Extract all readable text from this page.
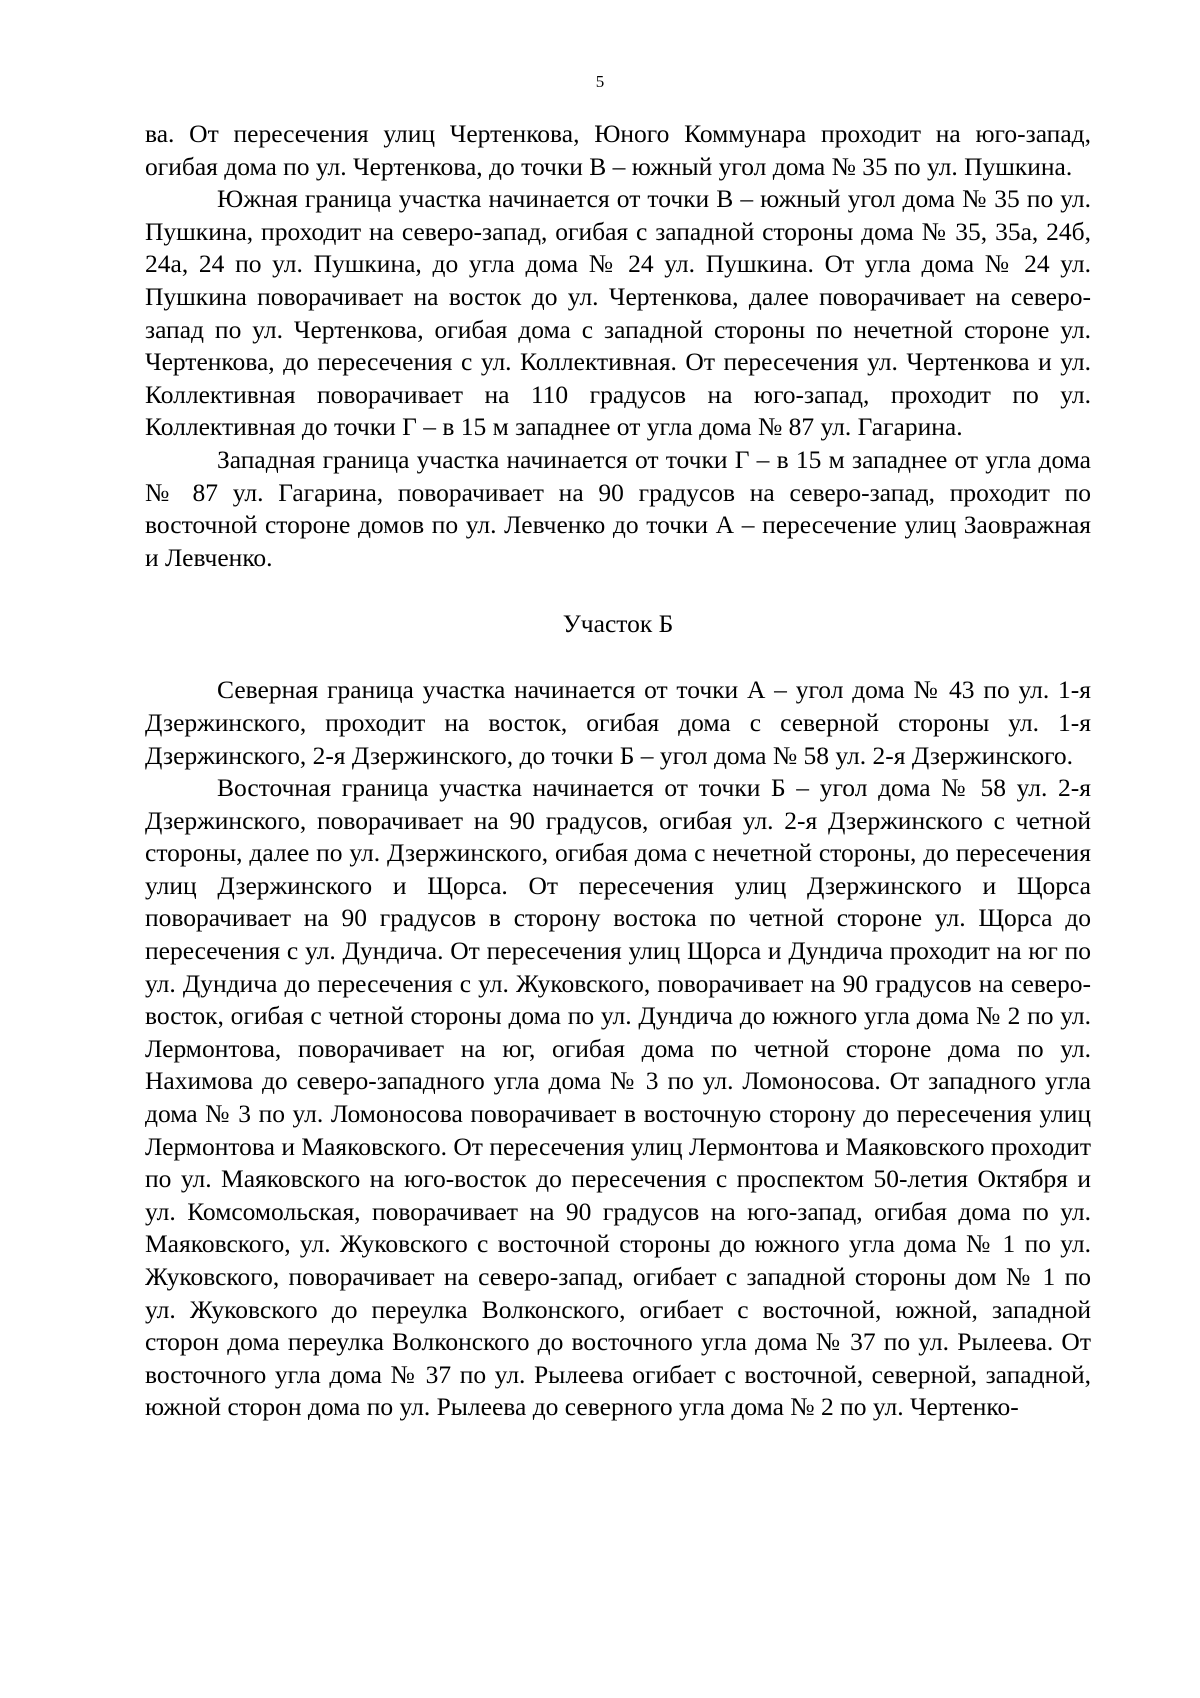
5

ва. От пересечения улиц Чертенкова, Юного Коммунара проходит на юго-запад, огибая дома по ул. Чертенкова, до точки В – южный угол дома № 35 по ул. Пушкина.

Южная граница участка начинается от точки В – южный угол дома № 35 по ул. Пушкина, проходит на северо-запад, огибая с западной стороны дома № 35, 35а, 24б, 24а, 24 по ул. Пушкина, до угла дома № 24 ул. Пушкина. От угла дома № 24 ул. Пушкина поворачивает на восток до ул. Чертенкова, далее поворачивает на северо-запад по ул. Чертенкова, огибая дома с западной стороны по нечетной стороне ул. Чертенкова, до пересечения с ул. Коллективная. От пересечения ул. Чертенкова и ул. Коллективная поворачивает на 110 градусов на юго-запад, проходит по ул. Коллективная до точки Г – в 15 м западнее от угла дома № 87 ул. Гагарина.

Западная граница участка начинается от точки Г – в 15 м западнее от угла дома № 87 ул. Гагарина, поворачивает на 90 градусов на северо-запад, проходит по восточной стороне домов по ул. Левченко до точки А – пересечение улиц Заовражная и Левченко.

Участок Б

Северная граница участка начинается от точки А – угол дома № 43 по ул. 1-я Дзержинского, проходит на восток, огибая дома с северной стороны ул. 1-я Дзержинского, 2-я Дзержинского, до точки Б – угол дома № 58 ул. 2-я Дзержинского.

Восточная граница участка начинается от точки Б – угол дома № 58 ул. 2-я Дзержинского, поворачивает на 90 градусов, огибая ул. 2-я Дзержинского с четной стороны, далее по ул. Дзержинского, огибая дома с нечетной стороны, до пересечения улиц Дзержинского и Щорса. От пересечения улиц Дзержинского и Щорса поворачивает на 90 градусов в сторону востока по четной стороне ул. Щорса до пересечения с ул. Дундича. От пересечения улиц Щорса и Дундича проходит на юг по ул. Дундича до пересечения с ул. Жуковского, поворачивает на 90 градусов на северо-восток, огибая с четной стороны дома по ул. Дундича до южного угла дома № 2 по ул. Лермонтова, поворачивает на юг, огибая дома по четной стороне дома по ул. Нахимова до северо-западного угла дома № 3 по ул. Ломоносова. От западного угла дома № 3 по ул. Ломоносова поворачивает в восточную сторону до пересечения улиц Лермонтова и Маяковского. От пересечения улиц Лермонтова и Маяковского проходит по ул. Маяковского на юго-восток до пересечения с проспектом 50-летия Октября и ул. Комсомольская, поворачивает на 90 градусов на юго-запад, огибая дома по ул. Маяковского, ул. Жуковского с восточной стороны до южного угла дома № 1 по ул. Жуковского, поворачивает на северо-запад, огибает с западной стороны дом № 1 по ул. Жуковского до переулка Волконского, огибает с восточной, южной, западной сторон дома переулка Волконского до восточного угла дома № 37 по ул. Рылеева. От восточного угла дома № 37 по ул. Рылеева огибает с восточной, северной, западной, южной сторон дома по ул. Рылеева до северного угла дома № 2 по ул. Чертенко-
